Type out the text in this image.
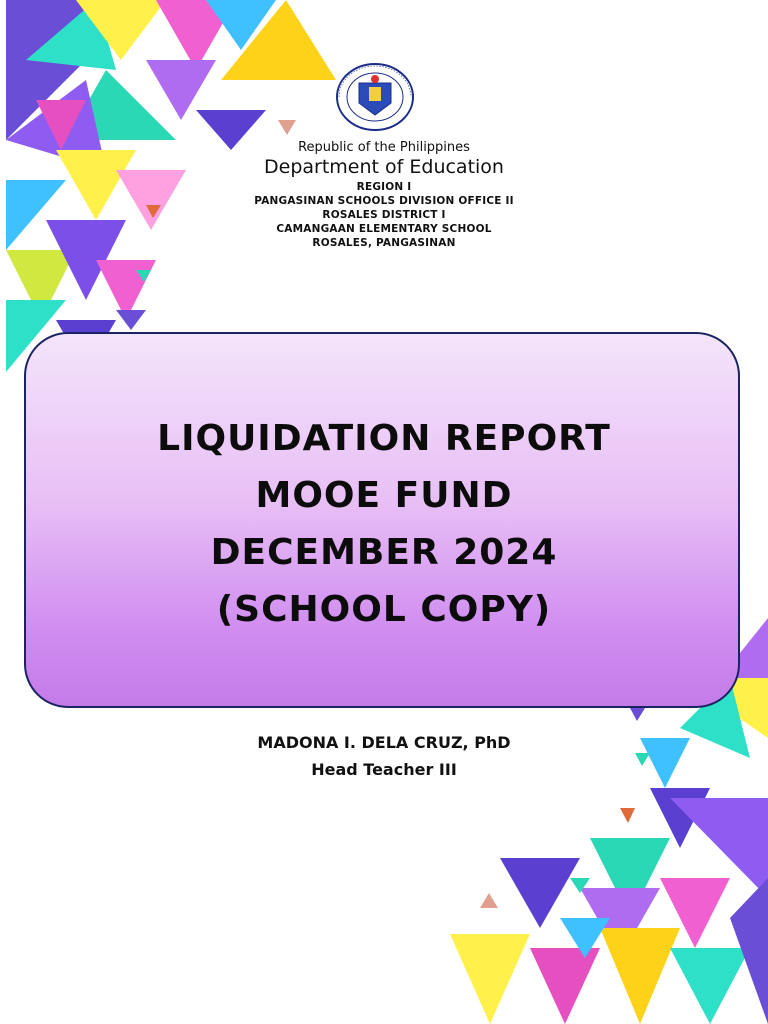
Republic of the Philippines
Department of Education
REGION I
PANGASINAN SCHOOLS DIVISION OFFICE II
ROSALES DISTRICT I
CAMANGAAN ELEMENTARY SCHOOL
ROSALES, PANGASINAN
LIQUIDATION REPORT
MOOE FUND
DECEMBER 2024
(SCHOOL COPY)
MADONA I. DELA CRUZ, PhD
Head Teacher III
